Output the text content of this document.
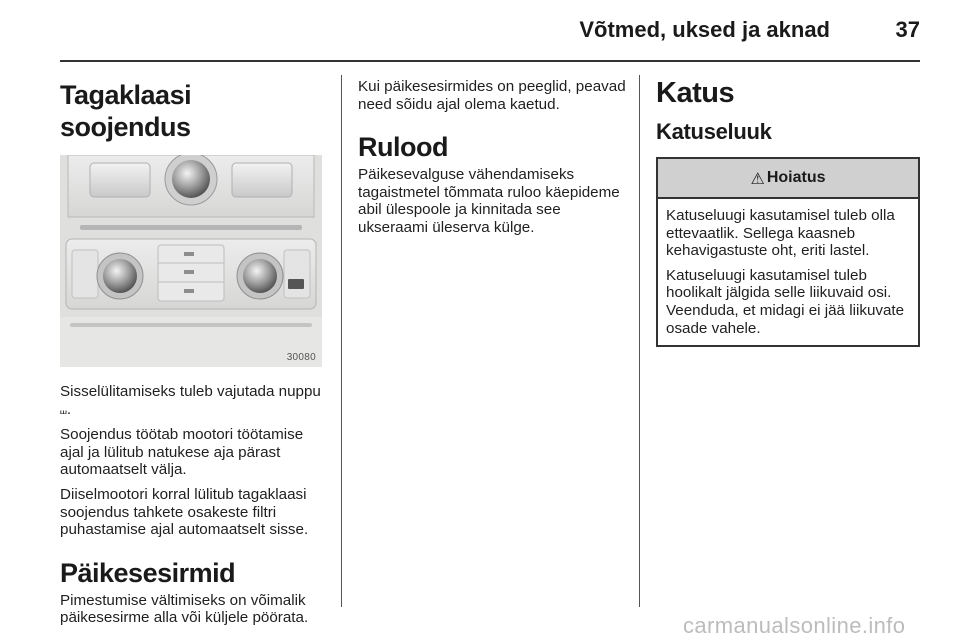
Võtmed, uksed ja aknad	37
Tagaklaasi soojendus
30080

Sisselülitamiseks tuleb vajutada nuppu ⧢.

Soojendus töötab mootori töötamise ajal ja lülitub natukese aja pärast automaatselt välja.

Diiselmootori korral lülitub tagaklaasi soojendus tahkete osakeste filtri puhastamise ajal automaatselt sisse.

Päikesesirmid

Pimestumise vältimiseks on võimalik päikesesirme alla või küljele pöörata.

Kui päikesesirmides on peeglid, peavad need sõidu ajal olema kaetud.

Rulood

Päikesevalguse vähendamiseks tagaistmetel tõmmata ruloo käepideme abil ülespoole ja kinnitada see ukseraami üleserva külge.

Katus
Katuseluuk
⚠ Hoiatus

Katuseluugi kasutamisel tuleb olla ettevaatlik. Sellega kaasneb kehavigastuste oht, eriti lastel.

Katuseluugi kasutamisel tuleb hoolikalt jälgida selle liikuvaid osi. Veenduda, et midagi ei jää liikuvate osade vahele.

carmanualsonline.info
